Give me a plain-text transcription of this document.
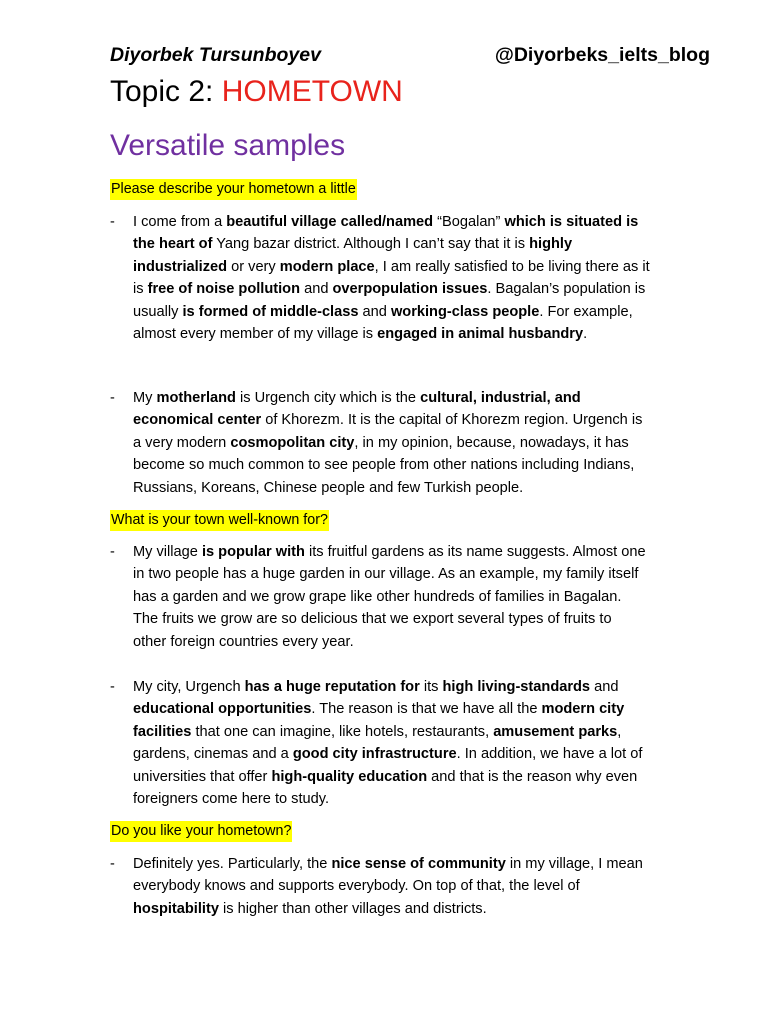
Diyorbek Tursunboyev	@Diyorbeks_ielts_blog
Topic 2: HOMETOWN
Versatile samples
Please describe your hometown a little
- I come from a beautiful village called/named “Bogalan” which is situated is
the heart of Yang bazar district. Although I can’t say that it is highly
industrialized or very modern place, I am really satisfied to be living there as it
is free of noise pollution and overpopulation issues. Bagalan’s population is
usually is formed of middle-class and working-class people. For example,
almost every member of my village is engaged in animal husbandry.
- My motherland is Urgench city which is the cultural, industrial, and
economical center of Khorezm. It is the capital of Khorezm region. Urgench is
a very modern cosmopolitan city, in my opinion, because, nowadays, it has
become so much common to see people from other nations including Indians,
Russians, Koreans, Chinese people and few Turkish people.
What is your town well-known for?
- My village is popular with its fruitful gardens as its name suggests. Almost one
in two people has a huge garden in our village. As an example, my family itself
has a garden and we grow grape like other hundreds of families in Bagalan.
The fruits we grow are so delicious that we export several types of fruits to
other foreign countries every year.
- My city, Urgench has a huge reputation for its high living-standards and
educational opportunities. The reason is that we have all the modern city
facilities that one can imagine, like hotels, restaurants, amusement parks,
gardens, cinemas and a good city infrastructure. In addition, we have a lot of
universities that offer high-quality education and that is the reason why even
foreigners come here to study.
Do you like your hometown?
- Definitely yes. Particularly, the nice sense of community in my village, I mean
everybody knows and supports everybody. On top of that, the level of
hospitability is higher than other villages and districts.
